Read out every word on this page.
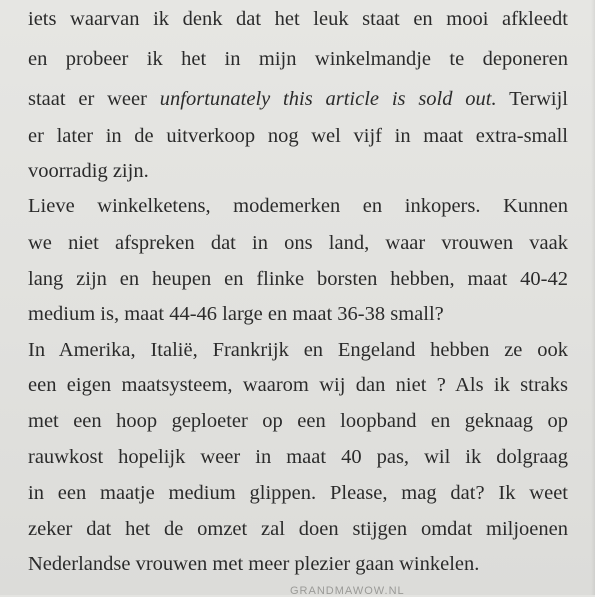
iets waarvan ik denk dat het leuk staat en mooi afkleedt
en probeer ik het in mijn winkelmandje te deponeren
staat er weer unfortunately this article is sold out. Terwijl
er later in de uitverkoop nog wel vijf in maat extra-small
voorradig zijn.
Lieve winkelketens, modemerken en inkopers. Kunnen
we niet afspreken dat in ons land, waar vrouwen vaak
lang zijn en heupen en flinke borsten hebben, maat 40-42
medium is, maat 44-46 large en maat 36-38 small?
In Amerika, Italië, Frankrijk en Engeland hebben ze ook
een eigen maatsysteem, waarom wij dan niet ? Als ik straks
met een hoop geploeter op een loopband en geknaag op
rauwkost hopelijk weer in maat 40 pas, wil ik dolgraag
in een maatje medium glippen. Please, mag dat? Ik weet
zeker dat het de omzet zal doen stijgen omdat miljoenen
Nederlandse vrouwen met meer plezier gaan winkelen.
GRANDMAWOW.NL
